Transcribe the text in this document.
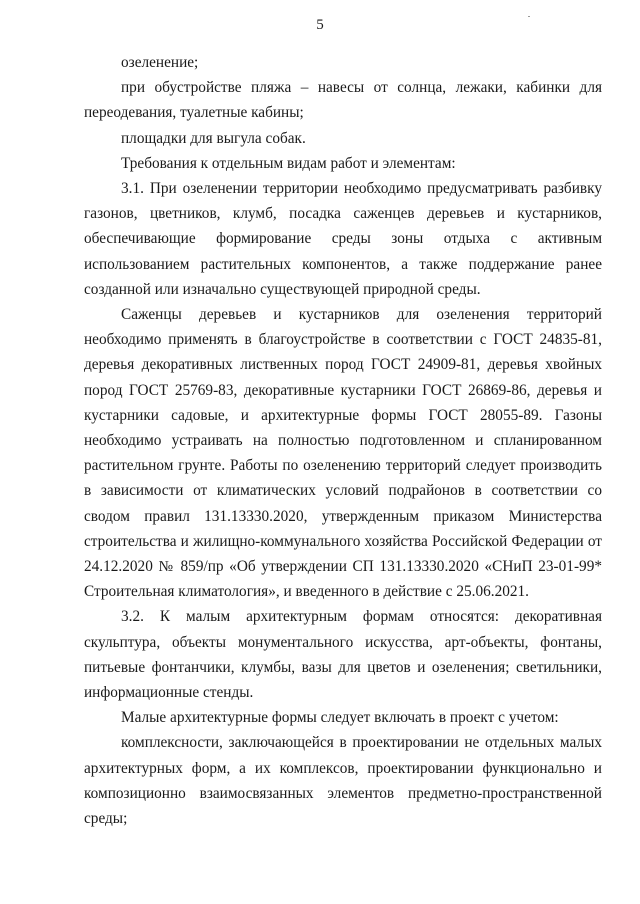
5

озеленение;

при обустройстве пляжа – навесы от солнца, лежаки, кабинки для переодевания, туалетные кабины;

площадки для выгула собак.

Требования к отдельным видам работ и элементам:

3.1. При озеленении территории необходимо предусматривать разбивку газонов, цветников, клумб, посадка саженцев деревьев и кустарников, обеспечивающие формирование среды зоны отдыха с активным использованием растительных компонентов, а также поддержание ранее созданной или изначально существующей природной среды.

Саженцы деревьев и кустарников для озеленения территорий необходимо применять в благоустройстве в соответствии с ГОСТ 24835-81, деревья декоративных лиственных пород ГОСТ 24909-81, деревья хвойных пород ГОСТ 25769-83, декоративные кустарники ГОСТ 26869-86, деревья и кустарники садовые, и архитектурные формы ГОСТ 28055-89. Газоны необходимо устраивать на полностью подготовленном и спланированном растительном грунте. Работы по озеленению территорий следует производить в зависимости от климатических условий подрайонов в соответствии со сводом правил 131.13330.2020, утвержденным приказом Министерства строительства и жилищно-коммунального хозяйства Российской Федерации от 24.12.2020 № 859/пр «Об утверждении СП 131.13330.2020 «СНиП 23-01-99* Строительная климатология», и введенного в действие с 25.06.2021.

3.2. К малым архитектурным формам относятся: декоративная скульптура, объекты монументального искусства, арт-объекты, фонтаны, питьевые фонтанчики, клумбы, вазы для цветов и озеленения; светильники, информационные стенды.

Малые архитектурные формы следует включать в проект с учетом:

комплексности, заключающейся в проектировании не отдельных малых архитектурных форм, а их комплексов, проектировании функционально и композиционно взаимосвязанных элементов предметно-пространственной среды;
